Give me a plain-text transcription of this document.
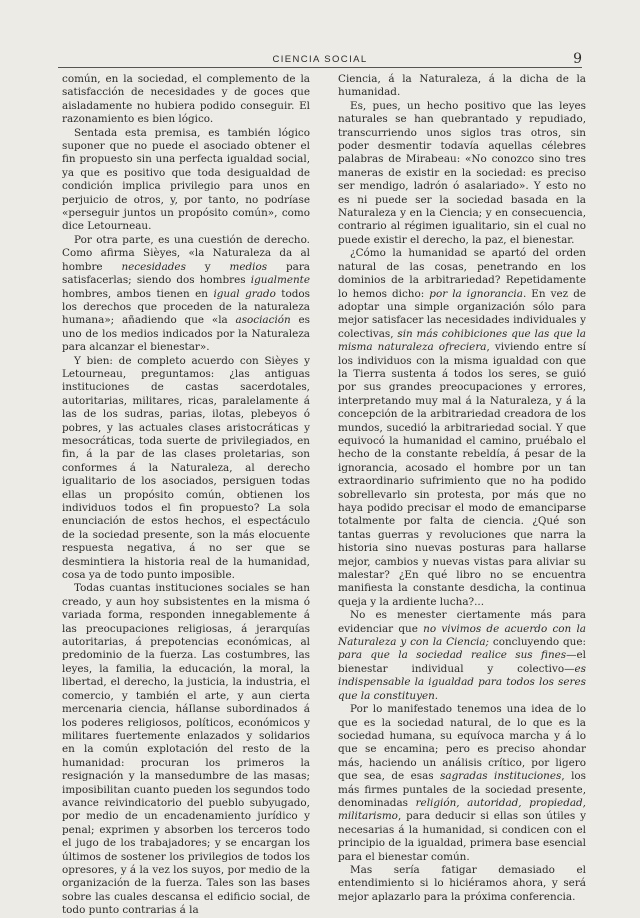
CIENCIA SOCIAL	9

común, en la sociedad, el complemento de la satisfacción de necesidades y de goces que aisladamente no hubiera podido conseguir. El razonamiento es bien lógico.

Sentada esta premisa, es también lógico suponer que no puede el asociado obtener el fin propuesto sin una perfecta igualdad social, ya que es positivo que toda desigualdad de condición implica privilegio para unos en perjuicio de otros, y, por tanto, no podríase «perseguir juntos un propósito común», como dice Letourneau.

Por otra parte, es una cuestión de derecho. Como afirma Sièyes, «la Naturaleza da al hombre necesidades y medios para satisfacerlas; siendo dos hombres igualmente hombres, ambos tienen en igual grado todos los derechos que proceden de la naturaleza humana»; añadiendo que «la asociación es uno de los medios indicados por la Naturaleza para alcanzar el bienestar».

Y bien: de completo acuerdo con Sièyes y Letourneau, preguntamos: ¿las antiguas instituciones de castas sacerdotales, autoritarias, militares, ricas, paralelamente á las de los sudras, parias, ilotas, plebeyos ó pobres, y las actuales clases aristocráticas y mesocráticas, toda suerte de privilegiados, en fin, á la par de las clases proletarias, son conformes á la Naturaleza, al derecho igualitario de los asociados, persiguen todas ellas un propósito común, obtienen los individuos todos el fin propuesto? La sola enunciación de estos hechos, el espectáculo de la sociedad presente, son la más elocuente respuesta negativa, á no ser que se desmintiera la historia real de la humanidad, cosa ya de todo punto imposible.

Todas cuantas instituciones sociales se han creado, y aun hoy subsistentes en la misma ó variada forma, responden innegablemente á las preocupaciones religiosas, á jerarquías autoritarias, á prepotencias económicas, al predominio de la fuerza. Las costumbres, las leyes, la familia, la educación, la moral, la libertad, el derecho, la justicia, la industria, el comercio, y también el arte, y aun cierta mercenaria ciencia, háIlanse subordinados á los poderes religiosos, políticos, económicos y militares fuertemente enlazados y solidarios en la común explotación del resto de la humanidad: procuran los primeros la resignación y la mansedumbre de las masas; imposibilitan cuanto pueden los segundos todo avance reivindicatorio del pueblo subyugado, por medio de un encadenamiento jurídico y penal; exprimen y absorben los terceros todo el jugo de los trabajadores; y se encargan los últimos de sostener los privilegios de todos los opresores, y á la vez los suyos, por medio de la organización de la fuerza. Tales son las bases sobre las cuales descansa el edificio social, de todo punto contrarias á la

Ciencia, á la Naturaleza, á la dicha de la humanidad.

Es, pues, un hecho positivo que las leyes naturales se han quebrantado y repudiado, transcurriendo unos siglos tras otros, sin poder desmentir todavía aquellas célebres palabras de Mirabeau: «No conozco sino tres maneras de existir en la sociedad: es preciso ser mendigo, ladrón ó asalariado». Y esto no es ni puede ser la sociedad basada en la Naturaleza y en la Ciencia; y en consecuencia, contrario al régimen igualitario, sin el cual no puede existir el derecho, la paz, el bienestar.

¿Cómo la humanidad se apartó del orden natural de las cosas, penetrando en los dominios de la arbitrariedad? Repetidamente lo hemos dicho: por la ignorancia. En vez de adoptar una simple organización sólo para mejor satisfacer las necesidades individuales y colectivas, sin más cohibiciones que las que la misma naturaleza ofreciera, viviendo entre sí los individuos con la misma igualdad con que la Tierra sustenta á todos los seres, se guió por sus grandes preocupaciones y errores, interpretando muy mal á la Naturaleza, y á la concepción de la arbitrariedad creadora de los mundos, sucedió la arbitrariedad social. Y que equivocó la humanidad el camino, pruébalo el hecho de la constante rebeldía, á pesar de la ignorancia, acosado el hombre por un tan extraordinario sufrimiento que no ha podido sobrellevarlo sin protesta, por más que no haya podido precisar el modo de emanciparse totalmente por falta de ciencia. ¿Qué son tantas guerras y revoluciones que narra la historia sino nuevas posturas para hallarse mejor, cambios y nuevas vistas para aliviar su malestar? ¿En qué libro no se encuentra manifiesta la constante desdicha, la continua queja y la ardiente lucha?...

No es menester ciertamente más para evidenciar que no vivimos de acuerdo con la Naturaleza y con la Ciencia; concluyendo que: para que la sociedad realice sus fines—el bienestar individual y colectivo—es indispensable la igualdad para todos los seres que la constituyen.

Por lo manifestado tenemos una idea de lo que es la sociedad natural, de lo que es la sociedad humana, su equívoca marcha y á lo que se encamina; pero es preciso ahondar más, haciendo un análisis crítico, por ligero que sea, de esas sagradas instituciones, los más firmes puntales de la sociedad presente, denominadas religión, autoridad, propiedad, militarismo, para deducir si ellas son útiles y necesarias á la humanidad, si condicen con el principio de la igualdad, primera base esencial para el bienestar común.

Mas sería fatigar demasiado el entendimiento si lo hiciéramos ahora, y será mejor aplazarlo para la próxima conferencia.
